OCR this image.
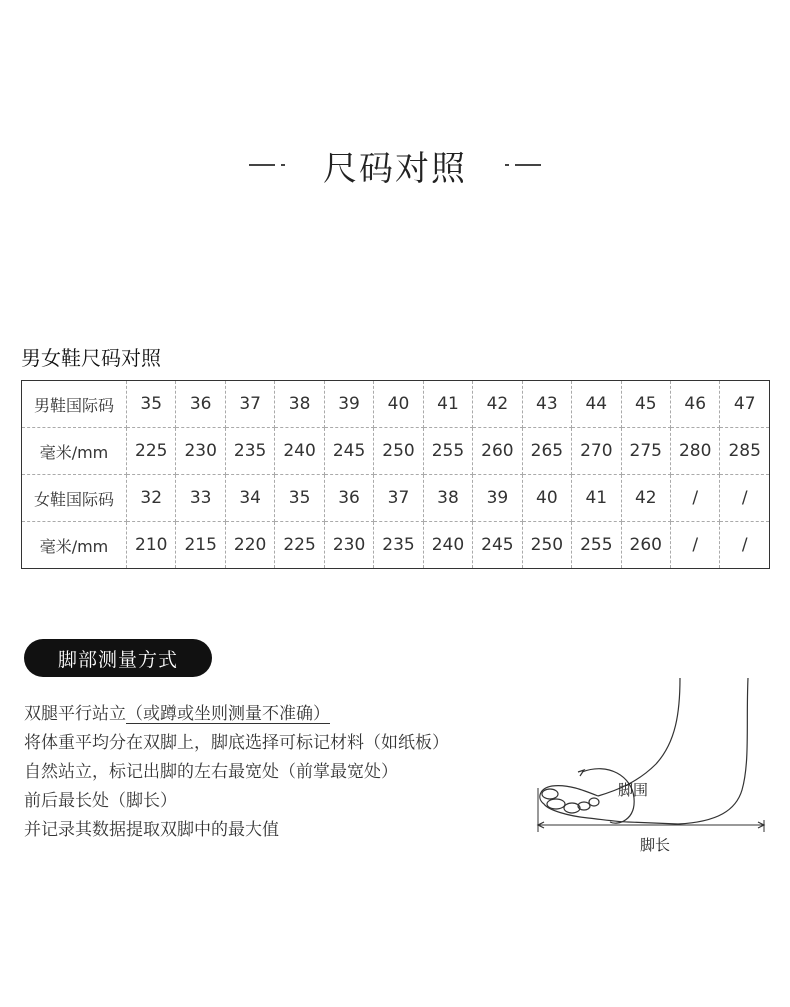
尺码对照
男女鞋尺码对照
男鞋国际码	35	36	37	38	39	40	41	42	43	44	45	46	47
毫米/mm	225	230	235	240	245	250	255	260	265	270	275	280	285
女鞋国际码	32	33	34	35	36	37	38	39	40	41	42	/	/
毫米/mm	210	215	220	225	230	235	240	245	250	255	260	/	/
脚部测量方式
双腿平行站立（或蹲或坐则测量不准确）
将体重平均分在双脚上，脚底选择可标记材料（如纸板）
自然站立，标记出脚的左右最宽处（前掌最宽处）
前后最长处（脚长）
并记录其数据提取双脚中的最大值
脚围
脚长
